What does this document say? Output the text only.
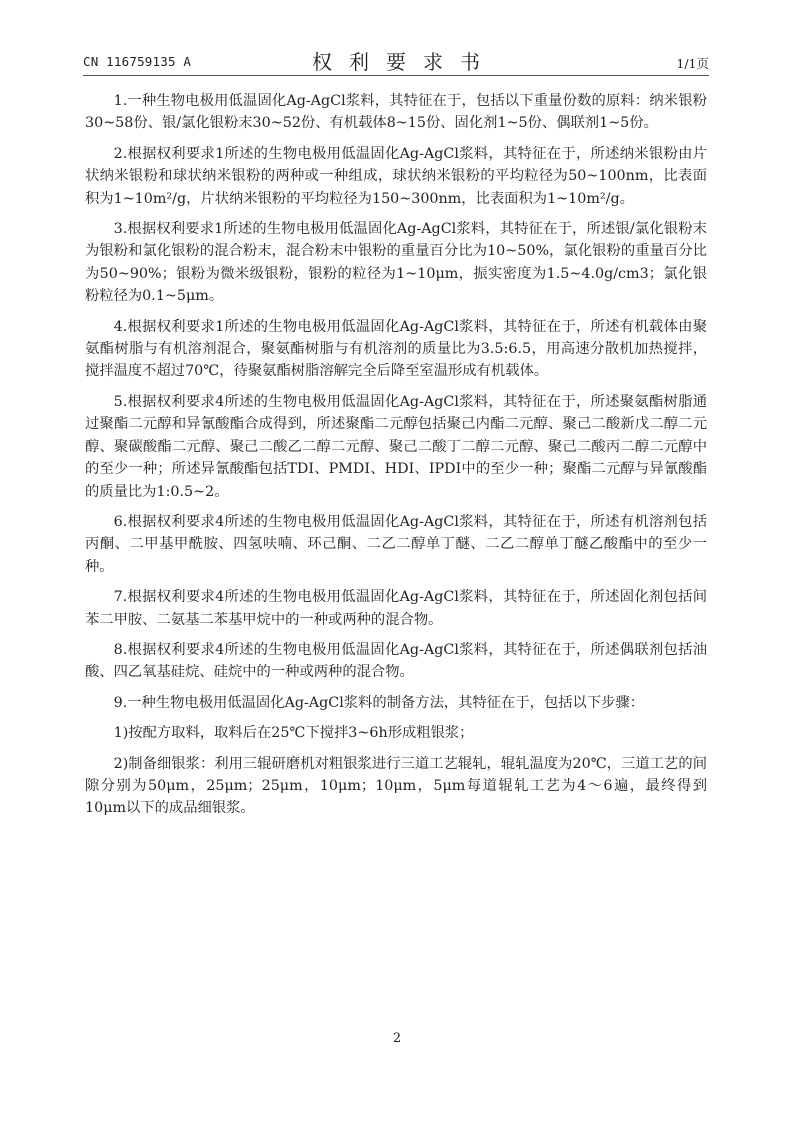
CN 116759135 A	权利要求书	1/1页

1.一种生物电极用低温固化Ag-AgCl浆料，其特征在于，包括以下重量份数的原料：纳米银粉30~58份、银/氯化银粉末30~52份、有机载体8~15份、固化剂1~5份、偶联剂1~5份。

2.根据权利要求1所述的生物电极用低温固化Ag-AgCl浆料，其特征在于，所述纳米银粉由片状纳米银粉和球状纳米银粉的两种或一种组成，球状纳米银粉的平均粒径为50~100nm，比表面积为1~10m²/g，片状纳米银粉的平均粒径为150~300nm，比表面积为1~10m²/g。

3.根据权利要求1所述的生物电极用低温固化Ag-AgCl浆料，其特征在于，所述银/氯化银粉末为银粉和氯化银粉的混合粉末，混合粉末中银粉的重量百分比为10~50%，氯化银粉的重量百分比为50~90%；银粉为微米级银粉，银粉的粒径为1~10μm，振实密度为1.5~4.0g/cm3；氯化银粉粒径为0.1~5μm。

4.根据权利要求1所述的生物电极用低温固化Ag-AgCl浆料，其特征在于，所述有机载体由聚氨酯树脂与有机溶剂混合，聚氨酯树脂与有机溶剂的质量比为3.5:6.5，用高速分散机加热搅拌，搅拌温度不超过70℃，待聚氨酯树脂溶解完全后降至室温形成有机载体。

5.根据权利要求4所述的生物电极用低温固化Ag-AgCl浆料，其特征在于，所述聚氨酯树脂通过聚酯二元醇和异氰酸酯合成得到，所述聚酯二元醇包括聚己内酯二元醇、聚己二酸新戊二醇二元醇、聚碳酸酯二元醇、聚己二酸乙二醇二元醇、聚己二酸丁二醇二元醇、聚己二酸丙二醇二元醇中的至少一种；所述异氰酸酯包括TDI、PMDI、HDI、IPDI中的至少一种；聚酯二元醇与异氰酸酯的质量比为1:0.5~2。

6.根据权利要求4所述的生物电极用低温固化Ag-AgCl浆料，其特征在于，所述有机溶剂包括丙酮、二甲基甲酰胺、四氢呋喃、环己酮、二乙二醇单丁醚、二乙二醇单丁醚乙酸酯中的至少一种。

7.根据权利要求4所述的生物电极用低温固化Ag-AgCl浆料，其特征在于，所述固化剂包括间苯二甲胺、二氨基二苯基甲烷中的一种或两种的混合物。

8.根据权利要求4所述的生物电极用低温固化Ag-AgCl浆料，其特征在于，所述偶联剂包括油酸、四乙氧基硅烷、硅烷中的一种或两种的混合物。

9.一种生物电极用低温固化Ag-AgCl浆料的制备方法，其特征在于，包括以下步骤：

1)按配方取料，取料后在25℃下搅拌3~6h形成粗银浆；

2)制备细银浆：利用三辊研磨机对粗银浆进行三道工艺辊轧，辊轧温度为20℃，三道工艺的间隙分别为50μm，25μm；25μm，10μm；10μm，5μm每道辊轧工艺为4～6遍，最终得到10μm以下的成品细银浆。

2
